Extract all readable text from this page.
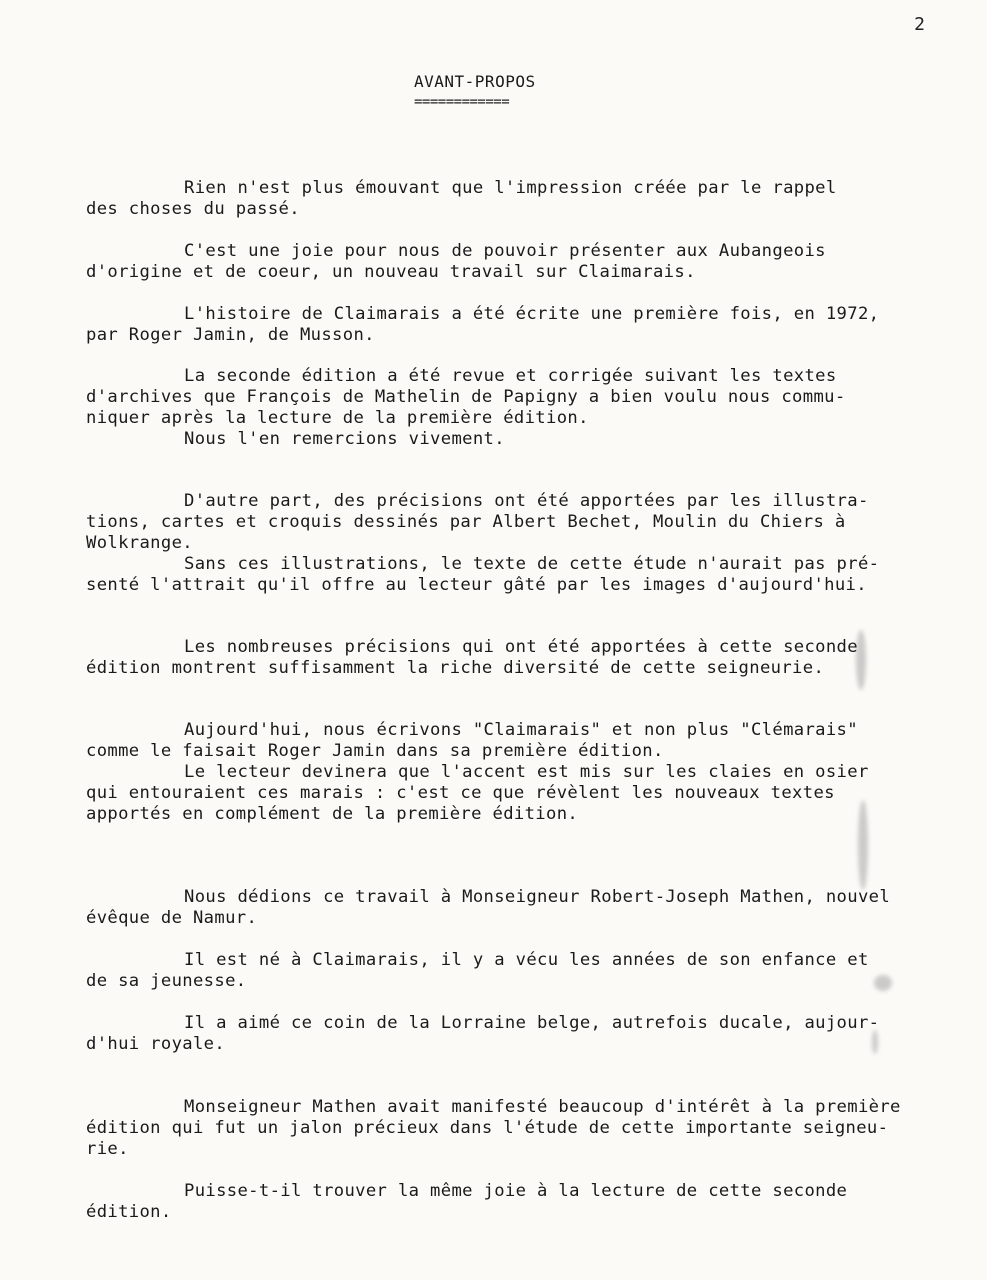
2
AVANT-PROPOS
============
Rien n'est plus émouvant que l'impression créée par le rappel
des choses du passé.
C'est une joie pour nous de pouvoir présenter aux Aubangeois
d'origine et de coeur, un nouveau travail sur Claimarais.
L'histoire de Claimarais a été écrite une première fois, en 1972,
par Roger Jamin, de Musson.
La seconde édition a été revue et corrigée suivant les textes
d'archives que François de Mathelin de Papigny a bien voulu nous commu-
niquer après la lecture de la première édition.
Nous l'en remercions vivement.
D'autre part, des précisions ont été apportées par les illustra-
tions, cartes et croquis dessinés par Albert Bechet, Moulin du Chiers à
Wolkrange.
Sans ces illustrations, le texte de cette étude n'aurait pas pré-
senté l'attrait qu'il offre au lecteur gâté par les images d'aujourd'hui.
Les nombreuses précisions qui ont été apportées à cette seconde
édition montrent suffisamment la riche diversité de cette seigneurie.
Aujourd'hui, nous écrivons "Claimarais" et non plus "Clémarais"
comme le faisait Roger Jamin dans sa première édition.
Le lecteur devinera que l'accent est mis sur les claies en osier
qui entouraient ces marais : c'est ce que révèlent les nouveaux textes
apportés en complément de la première édition.
Nous dédions ce travail à Monseigneur Robert-Joseph Mathen, nouvel
évêque de Namur.
Il est né à Claimarais, il y a vécu les années de son enfance et
de sa jeunesse.
Il a aimé ce coin de la Lorraine belge, autrefois ducale, aujour-
d'hui royale.
Monseigneur Mathen avait manifesté beaucoup d'intérêt à la première
édition qui fut un jalon précieux dans l'étude de cette importante seigneu-
rie.
Puisse-t-il trouver la même joie à la lecture de cette seconde
édition.
